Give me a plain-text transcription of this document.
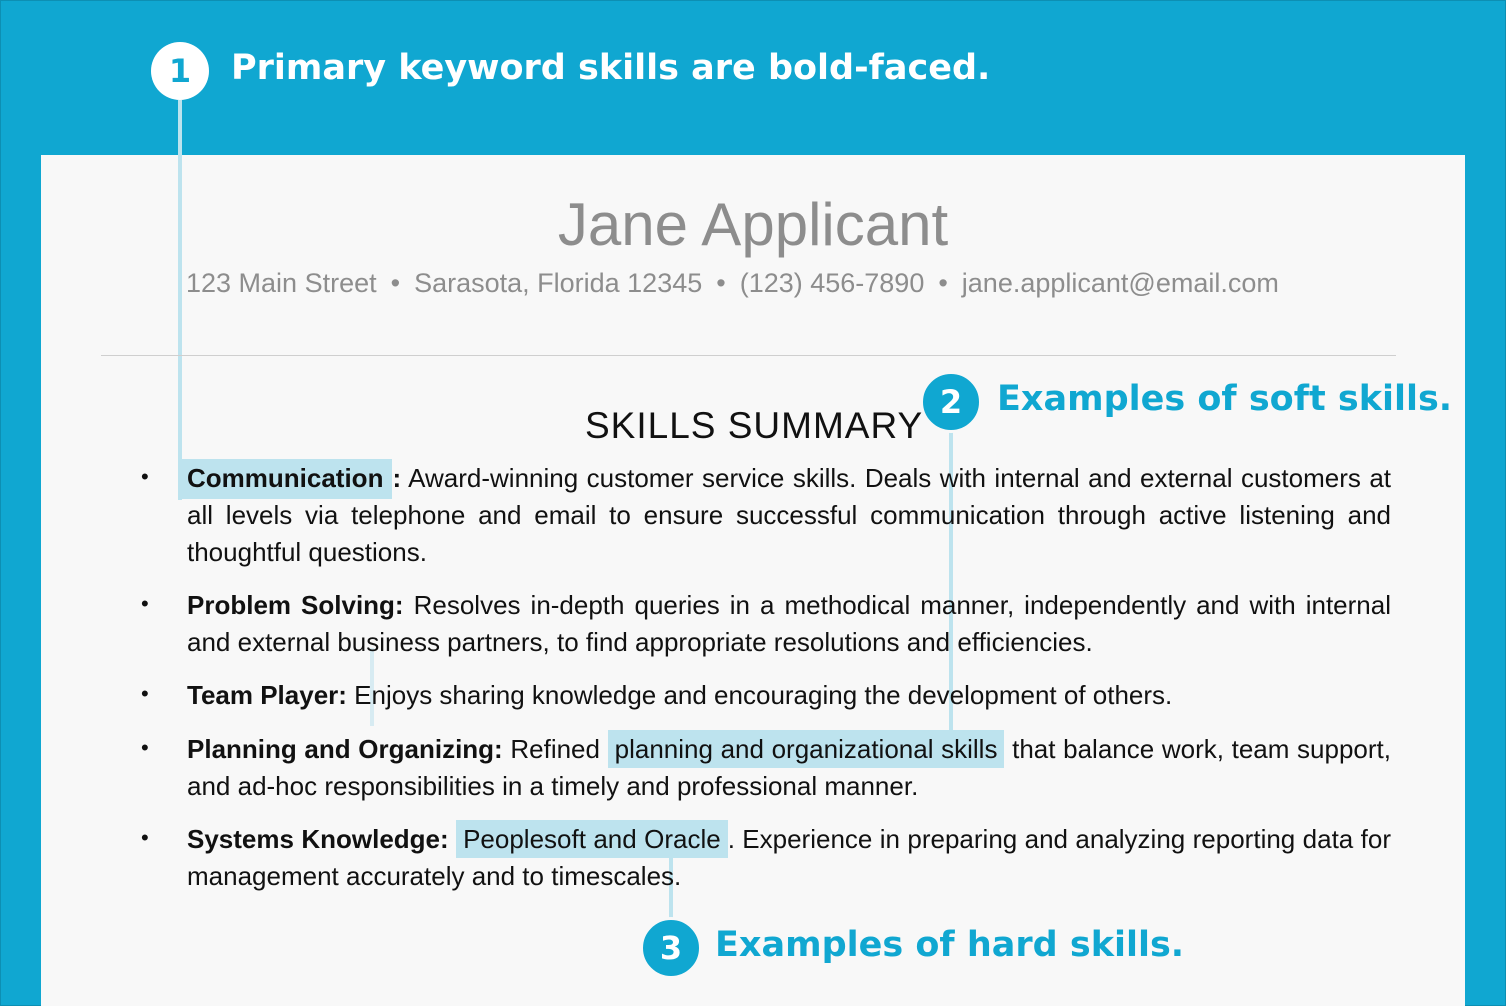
1 Primary keyword skills are bold-faced.
Jane Applicant
123 Main Street • Sarasota, Florida 12345 • (123) 456-7890 • jane.applicant@email.com
SKILLS SUMMARY
2 Examples of soft skills.
• Communication : Award-winning customer service skills. Deals with internal and external customers at all levels via telephone and email to ensure successful communication through active listening and thoughtful questions.
• Problem Solving: Resolves in-depth queries in a methodical manner, independently and with internal and external business partners, to find appropriate resolutions and efficiencies.
• Team Player: Enjoys sharing knowledge and encouraging the development of others.
• Planning and Organizing: Refined planning and organizational skills that balance work, team support, and ad-hoc responsibilities in a timely and professional manner.
• Systems Knowledge: Peoplesoft and Oracle . Experience in preparing and analyzing reporting data for management accurately and to timescales.
3 Examples of hard skills.
